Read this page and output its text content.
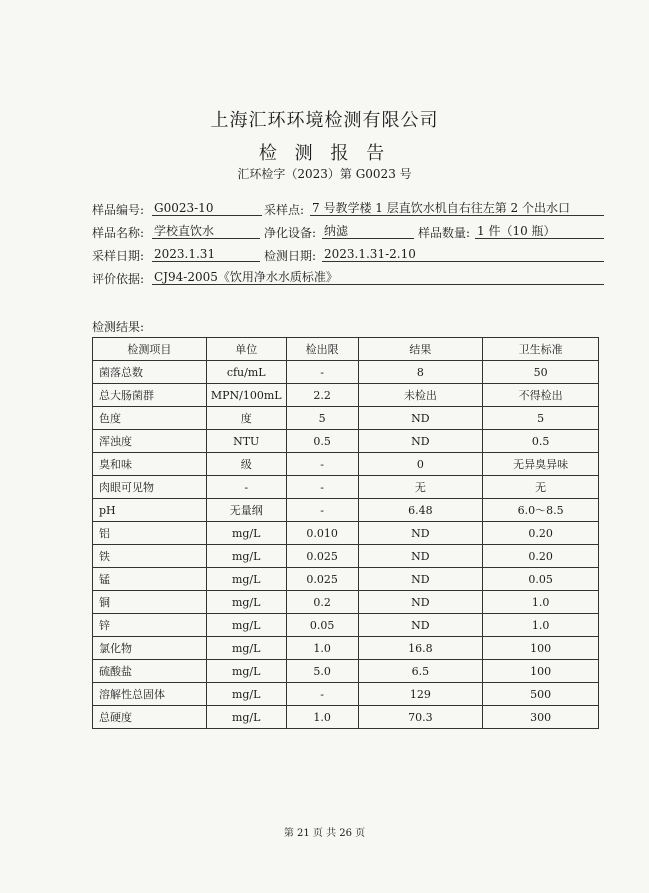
上海汇环环境检测有限公司
检 测 报 告
汇环检字（2023）第 G0023 号
样品编号: G0023-10	采样点: 7 号教学楼 1 层直饮水机自右往左第 2 个出水口
样品名称: 学校直饮水	净化设备: 纳滤	样品数量: 1 件（10 瓶）
采样日期: 2023.1.31	检测日期: 2023.1.31-2.10
评价依据: CJ94-2005《饮用净水水质标准》
检测结果:
检测项目	单位	检出限	结果	卫生标准
菌落总数	cfu/mL	-	8	50
总大肠菌群	MPN/100mL	2.2	未检出	不得检出
色度	度	5	ND	5
浑浊度	NTU	0.5	ND	0.5
臭和味	级	-	0	无异臭异味
肉眼可见物	-	-	无	无
pH	无量纲	-	6.48	6.0～8.5
铝	mg/L	0.010	ND	0.20
铁	mg/L	0.025	ND	0.20
锰	mg/L	0.025	ND	0.05
铜	mg/L	0.2	ND	1.0
锌	mg/L	0.05	ND	1.0
氯化物	mg/L	1.0	16.8	100
硫酸盐	mg/L	5.0	6.5	100
溶解性总固体	mg/L	-	129	500
总硬度	mg/L	1.0	70.3	300
第 21 页 共 26 页
